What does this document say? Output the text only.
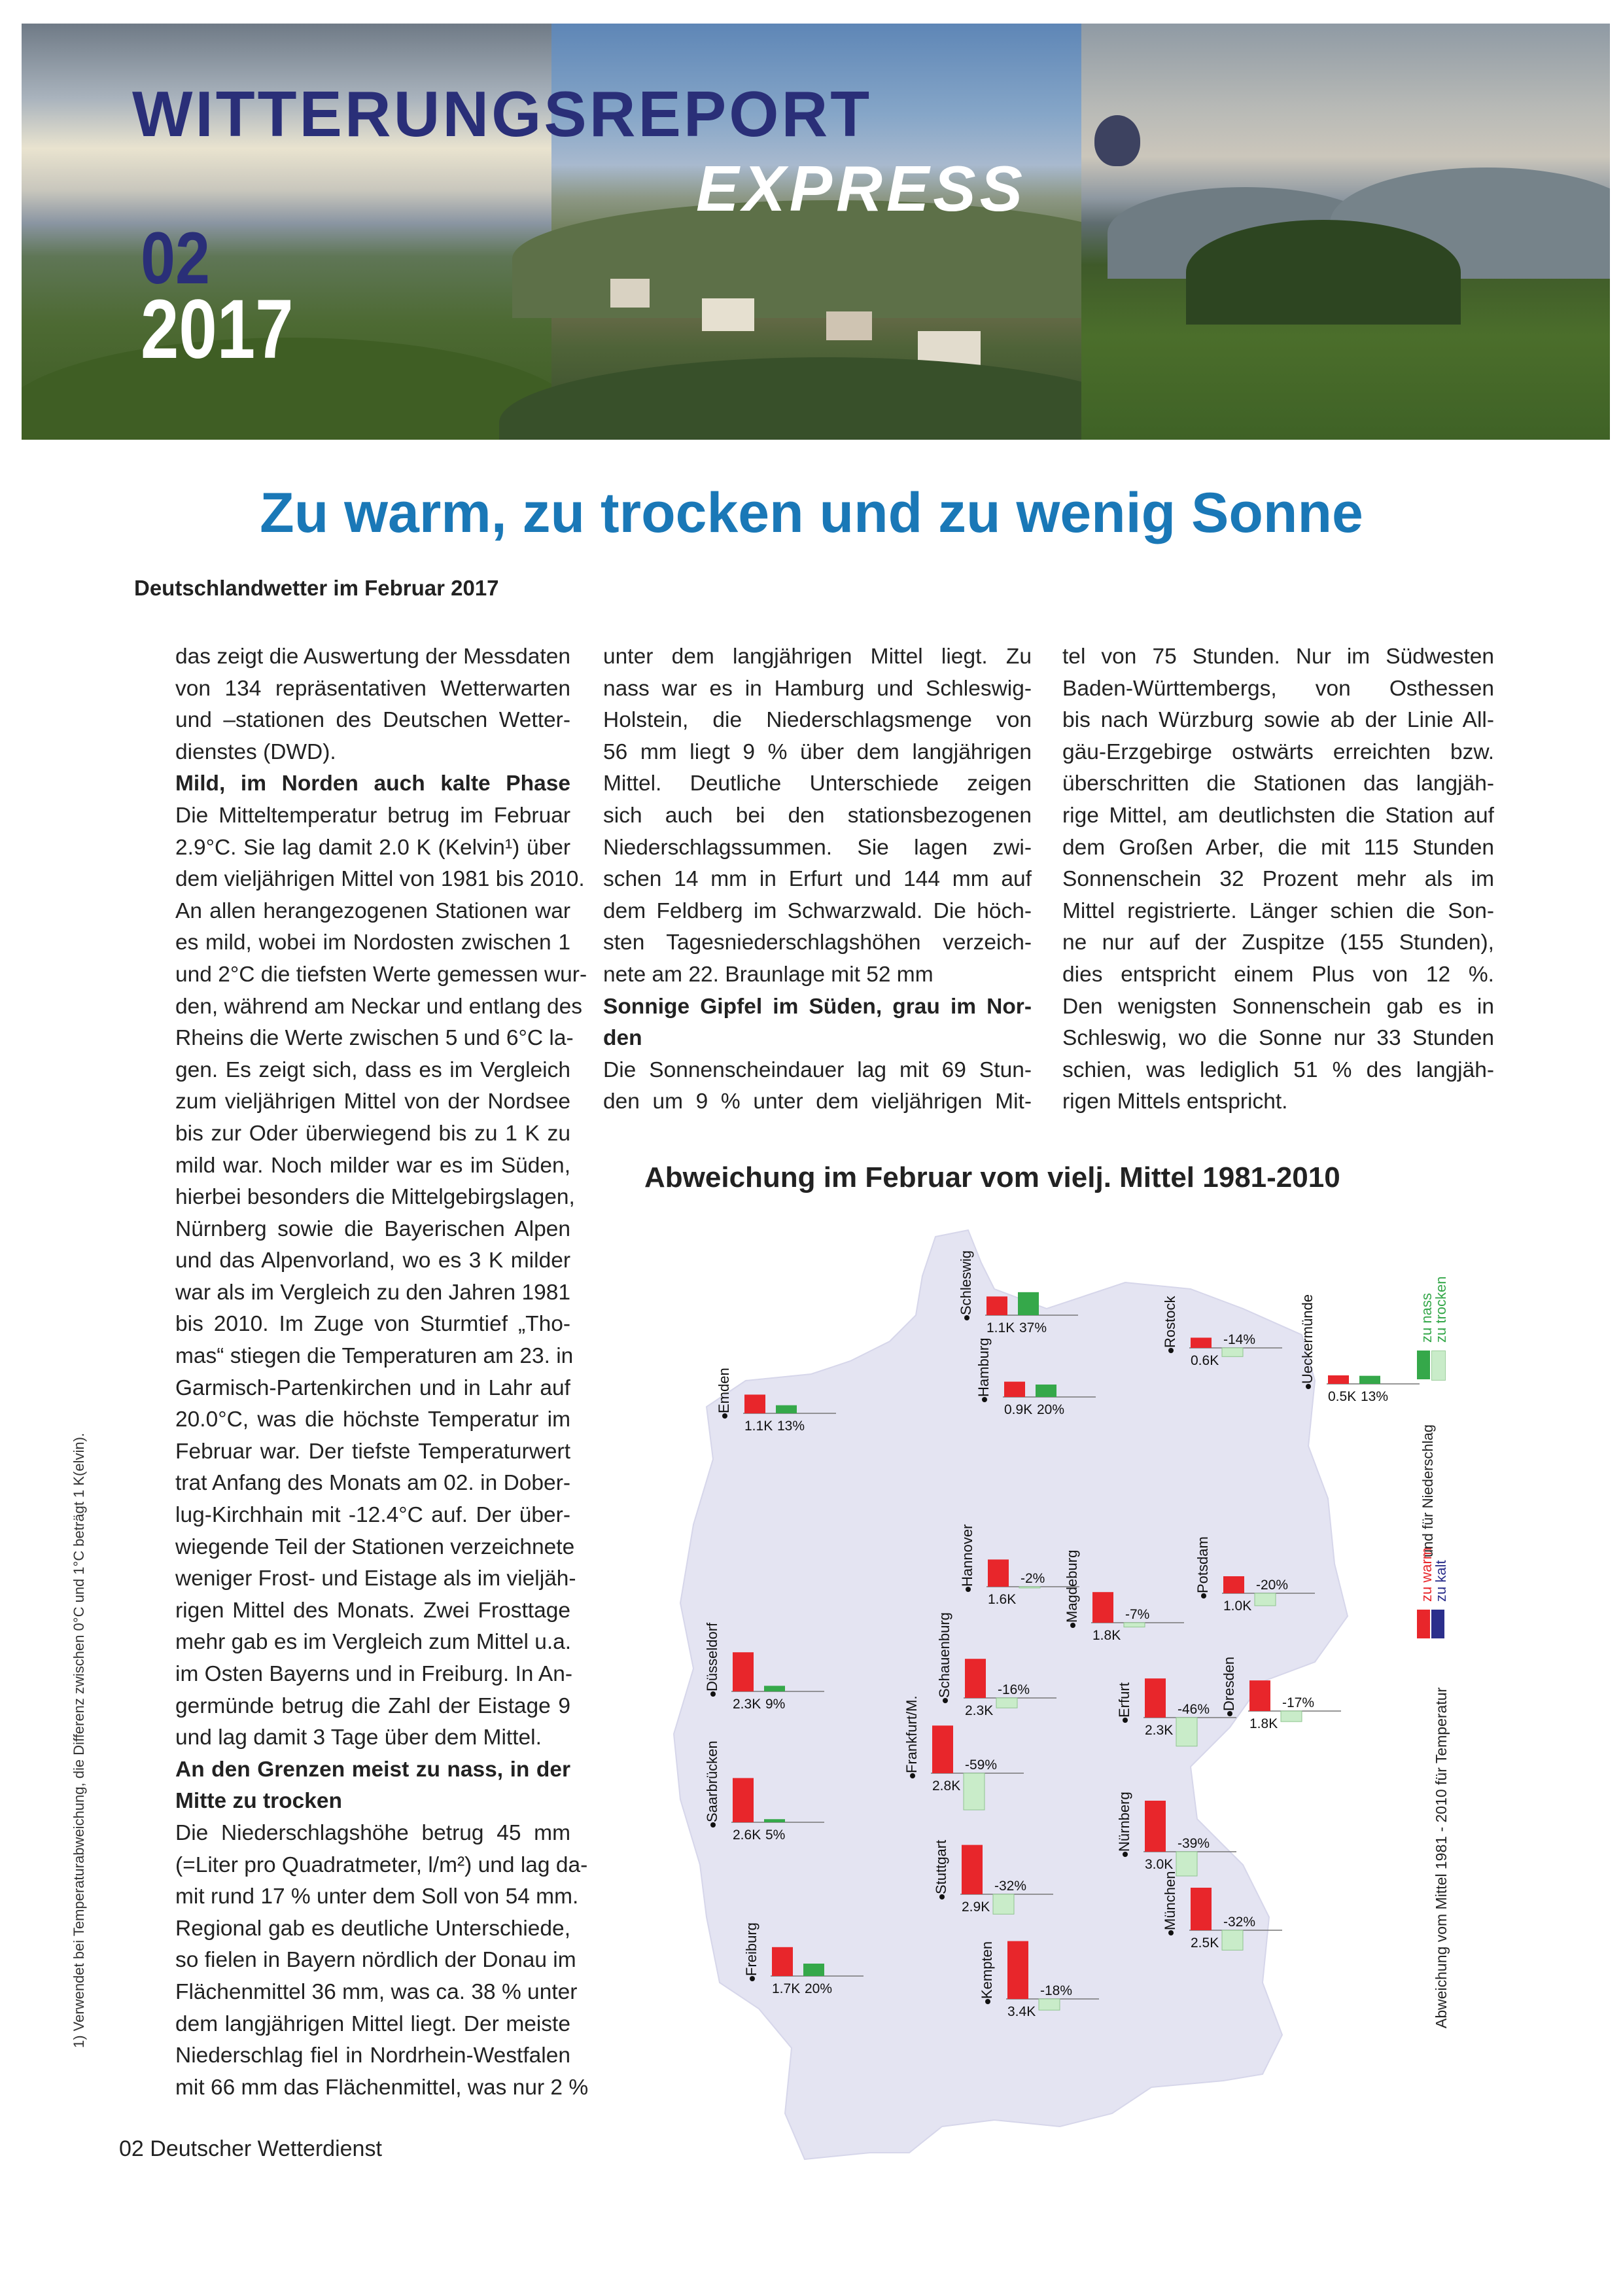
WITTERUNGSREPORT
EXPRESS
02
2017
Zu warm, zu trocken und zu wenig Sonne
Deutschlandwetter im Februar 2017
das zeigt die Auswertung der Messdaten
von 134 repräsentativen Wetterwarten
und –stationen des Deutschen Wetter-
dienstes (DWD).
Mild, im Norden auch kalte Phase
Die Mitteltemperatur betrug im Februar
2.9°C. Sie lag damit 2.0 K (Kelvin¹) über
dem vieljährigen Mittel von 1981 bis 2010.
An allen herangezogenen Stationen war
es mild, wobei im Nordosten zwischen 1
und 2°C die tiefsten Werte gemessen wur-
den, während am Neckar und entlang des
Rheins die Werte zwischen 5 und 6°C la-
gen. Es zeigt sich, dass es im Vergleich
zum vieljährigen Mittel von der Nordsee
bis zur Oder überwiegend bis zu 1 K zu
mild war. Noch milder war es im Süden,
hierbei besonders die Mittelgebirgslagen,
Nürnberg sowie die Bayerischen Alpen
und das Alpenvorland, wo es 3 K milder
war als im Vergleich zu den Jahren 1981
bis 2010. Im Zuge von Sturmtief „Tho-
mas“ stiegen die Temperaturen am 23. in
Garmisch-Partenkirchen und in Lahr auf
20.0°C, was die höchste Temperatur im
Februar war. Der tiefste Temperaturwert
trat Anfang des Monats am 02. in Dober-
lug-Kirchhain mit -12.4°C auf. Der über-
wiegende Teil der Stationen verzeichnete
weniger Frost- und Eistage als im vieljäh-
rigen Mittel des Monats. Zwei Frosttage
mehr gab es im Vergleich zum Mittel u.a.
im Osten Bayerns und in Freiburg. In An-
germünde betrug die Zahl der Eistage 9
und lag damit 3 Tage über dem Mittel.
An den Grenzen meist zu nass, in der
Mitte zu trocken
Die Niederschlagshöhe betrug 45 mm
(=Liter pro Quadratmeter, l/m²) und lag da-
mit rund 17 % unter dem Soll von 54 mm.
Regional gab es deutliche Unterschiede,
so fielen in Bayern nördlich der Donau im
Flächenmittel 36 mm, was ca. 38 % unter
dem langjährigen Mittel liegt. Der meiste
Niederschlag fiel in Nordrhein-Westfalen
mit 66 mm das Flächenmittel, was nur 2 %
unter dem langjährigen Mittel liegt. Zu
nass war es in Hamburg und Schleswig-
Holstein, die Niederschlagsmenge von
56 mm liegt 9 % über dem langjährigen
Mittel. Deutliche Unterschiede zeigen
sich auch bei den stationsbezogenen
Niederschlagssummen. Sie lagen zwi-
schen 14 mm in Erfurt und 144 mm auf
dem Feldberg im Schwarzwald. Die höch-
sten Tagesniederschlagshöhen verzeich-
nete am 22. Braunlage mit 52 mm
Sonnige Gipfel im Süden, grau im Nor-
den
Die Sonnenscheindauer lag mit 69 Stun-
den um 9 % unter dem vieljährigen Mit-
tel von 75 Stunden. Nur im Südwesten
Baden-Württembergs, von Osthessen
bis nach Würzburg sowie ab der Linie All-
gäu-Erzgebirge ostwärts erreichten bzw.
überschritten die Stationen das langjäh-
rige Mittel, am deutlichsten die Station auf
dem Großen Arber, die mit 115 Stunden
Sonnenschein 32 Prozent mehr als im
Mittel registrierte. Länger schien die Son-
ne nur auf der Zuspitze (155 Stunden),
dies entspricht einem Plus von 12 %.
Den wenigsten Sonnenschein gab es in
Schleswig, wo die Sonne nur 33 Stunden
schien, was lediglich 51 % des langjäh-
rigen Mittels entspricht.
1) Verwendet bei Temperaturabweichung, die Differenz zwischen 0°C und 1°C beträgt 1 K(elvin).
02 Deutscher Wetterdienst
Abweichung im Februar vom vielj. Mittel 1981-2010
Schleswig
1.1K 37%	Rostock
0.6K
-14%	Ueckermünde
0.5K 13%
Emden
1.1K 13%
Hamburg
0.9K 20%
Hannover
1.6K
-2%	Potsdam
1.0K
-20%
Magdeburg
1.8K
-7%
Düsseldorf
2.3K 9%
Schauenburg
2.3K
-16%	Erfurt
2.3K
-46% Dresden
1.8K
-17%
Frankfurt/M.
2.8K
-59%
Saarbrücken
2.6K 5%	Nürnberg
3.0K
-39%
Stuttgart
2.9K
-32%	München
2.5K
-32%
Freiburg
1.7K 20%	Kempten
3.4K
-18%
zu warm
zu kalt
zu nass
zu trocken
und für Niederschlag
Abweichung vom Mittel 1981 - 2010 für Temperatur
